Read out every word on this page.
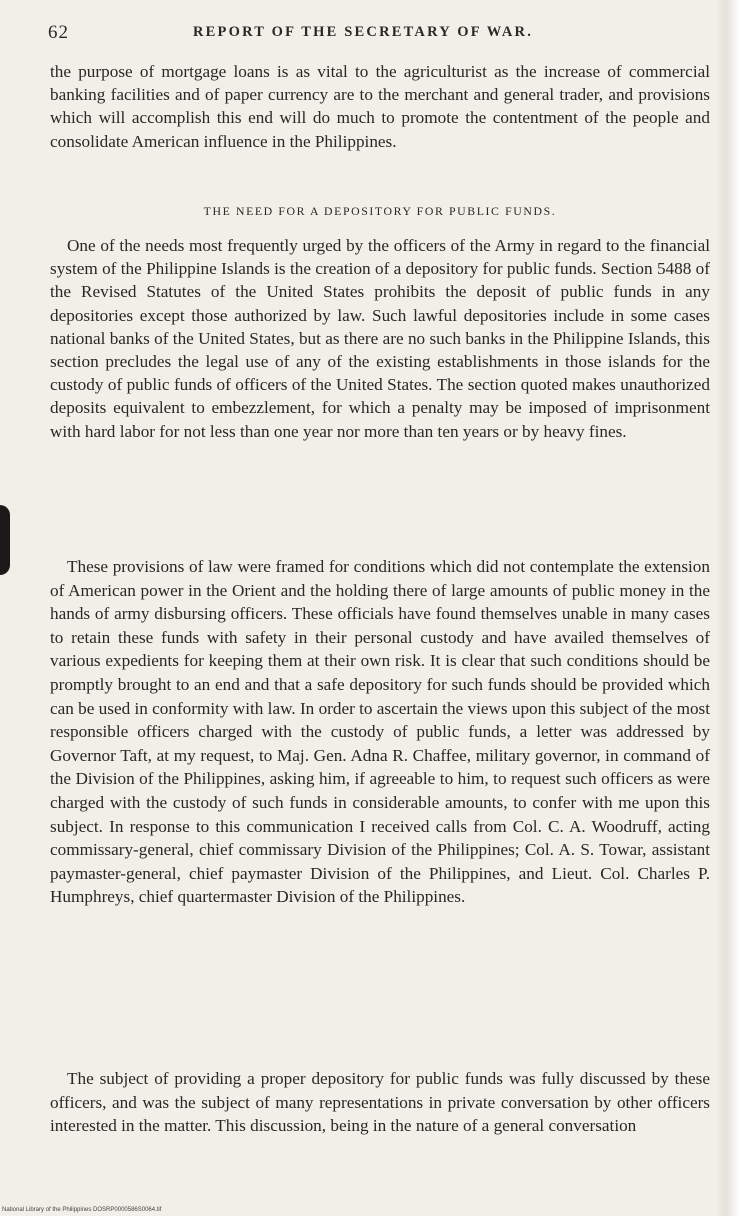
62	REPORT OF THE SECRETARY OF WAR.

the purpose of mortgage loans is as vital to the agriculturist as the increase of commercial banking facilities and of paper currency are to the merchant and general trader, and provisions which will accomplish this end will do much to promote the contentment of the people and consolidate American influence in the Philippines.

THE NEED FOR A DEPOSITORY FOR PUBLIC FUNDS.

One of the needs most frequently urged by the officers of the Army in regard to the financial system of the Philippine Islands is the creation of a depository for public funds. Section 5488 of the Revised Statutes of the United States prohibits the deposit of public funds in any depositories except those authorized by law. Such lawful depositories include in some cases national banks of the United States, but as there are no such banks in the Philippine Islands, this section precludes the legal use of any of the existing establishments in those islands for the custody of public funds of officers of the United States. The section quoted makes unauthorized deposits equivalent to embezzlement, for which a penalty may be imposed of imprisonment with hard labor for not less than one year nor more than ten years or by heavy fines.

These provisions of law were framed for conditions which did not contemplate the extension of American power in the Orient and the holding there of large amounts of public money in the hands of army disbursing officers. These officials have found themselves unable in many cases to retain these funds with safety in their personal custody and have availed themselves of various expedients for keeping them at their own risk. It is clear that such conditions should be promptly brought to an end and that a safe depository for such funds should be provided which can be used in conformity with law. In order to ascertain the views upon this subject of the most responsible officers charged with the custody of public funds, a letter was addressed by Governor Taft, at my request, to Maj. Gen. Adna R. Chaffee, military governor, in command of the Division of the Philippines, asking him, if agreeable to him, to request such officers as were charged with the custody of such funds in considerable amounts, to confer with me upon this subject. In response to this communication I received calls from Col. C. A. Woodruff, acting commissary-general, chief commissary Division of the Philippines; Col. A. S. Towar, assistant paymaster-general, chief paymaster Division of the Philippines, and Lieut. Col. Charles P. Humphreys, chief quartermaster Division of the Philippines.

The subject of providing a proper depository for public funds was fully discussed by these officers, and was the subject of many representations in private conversation by other officers interested in the matter. This discussion, being in the nature of a general conversation

National Library of the Philippines DOSRP0000586S0064.tif
